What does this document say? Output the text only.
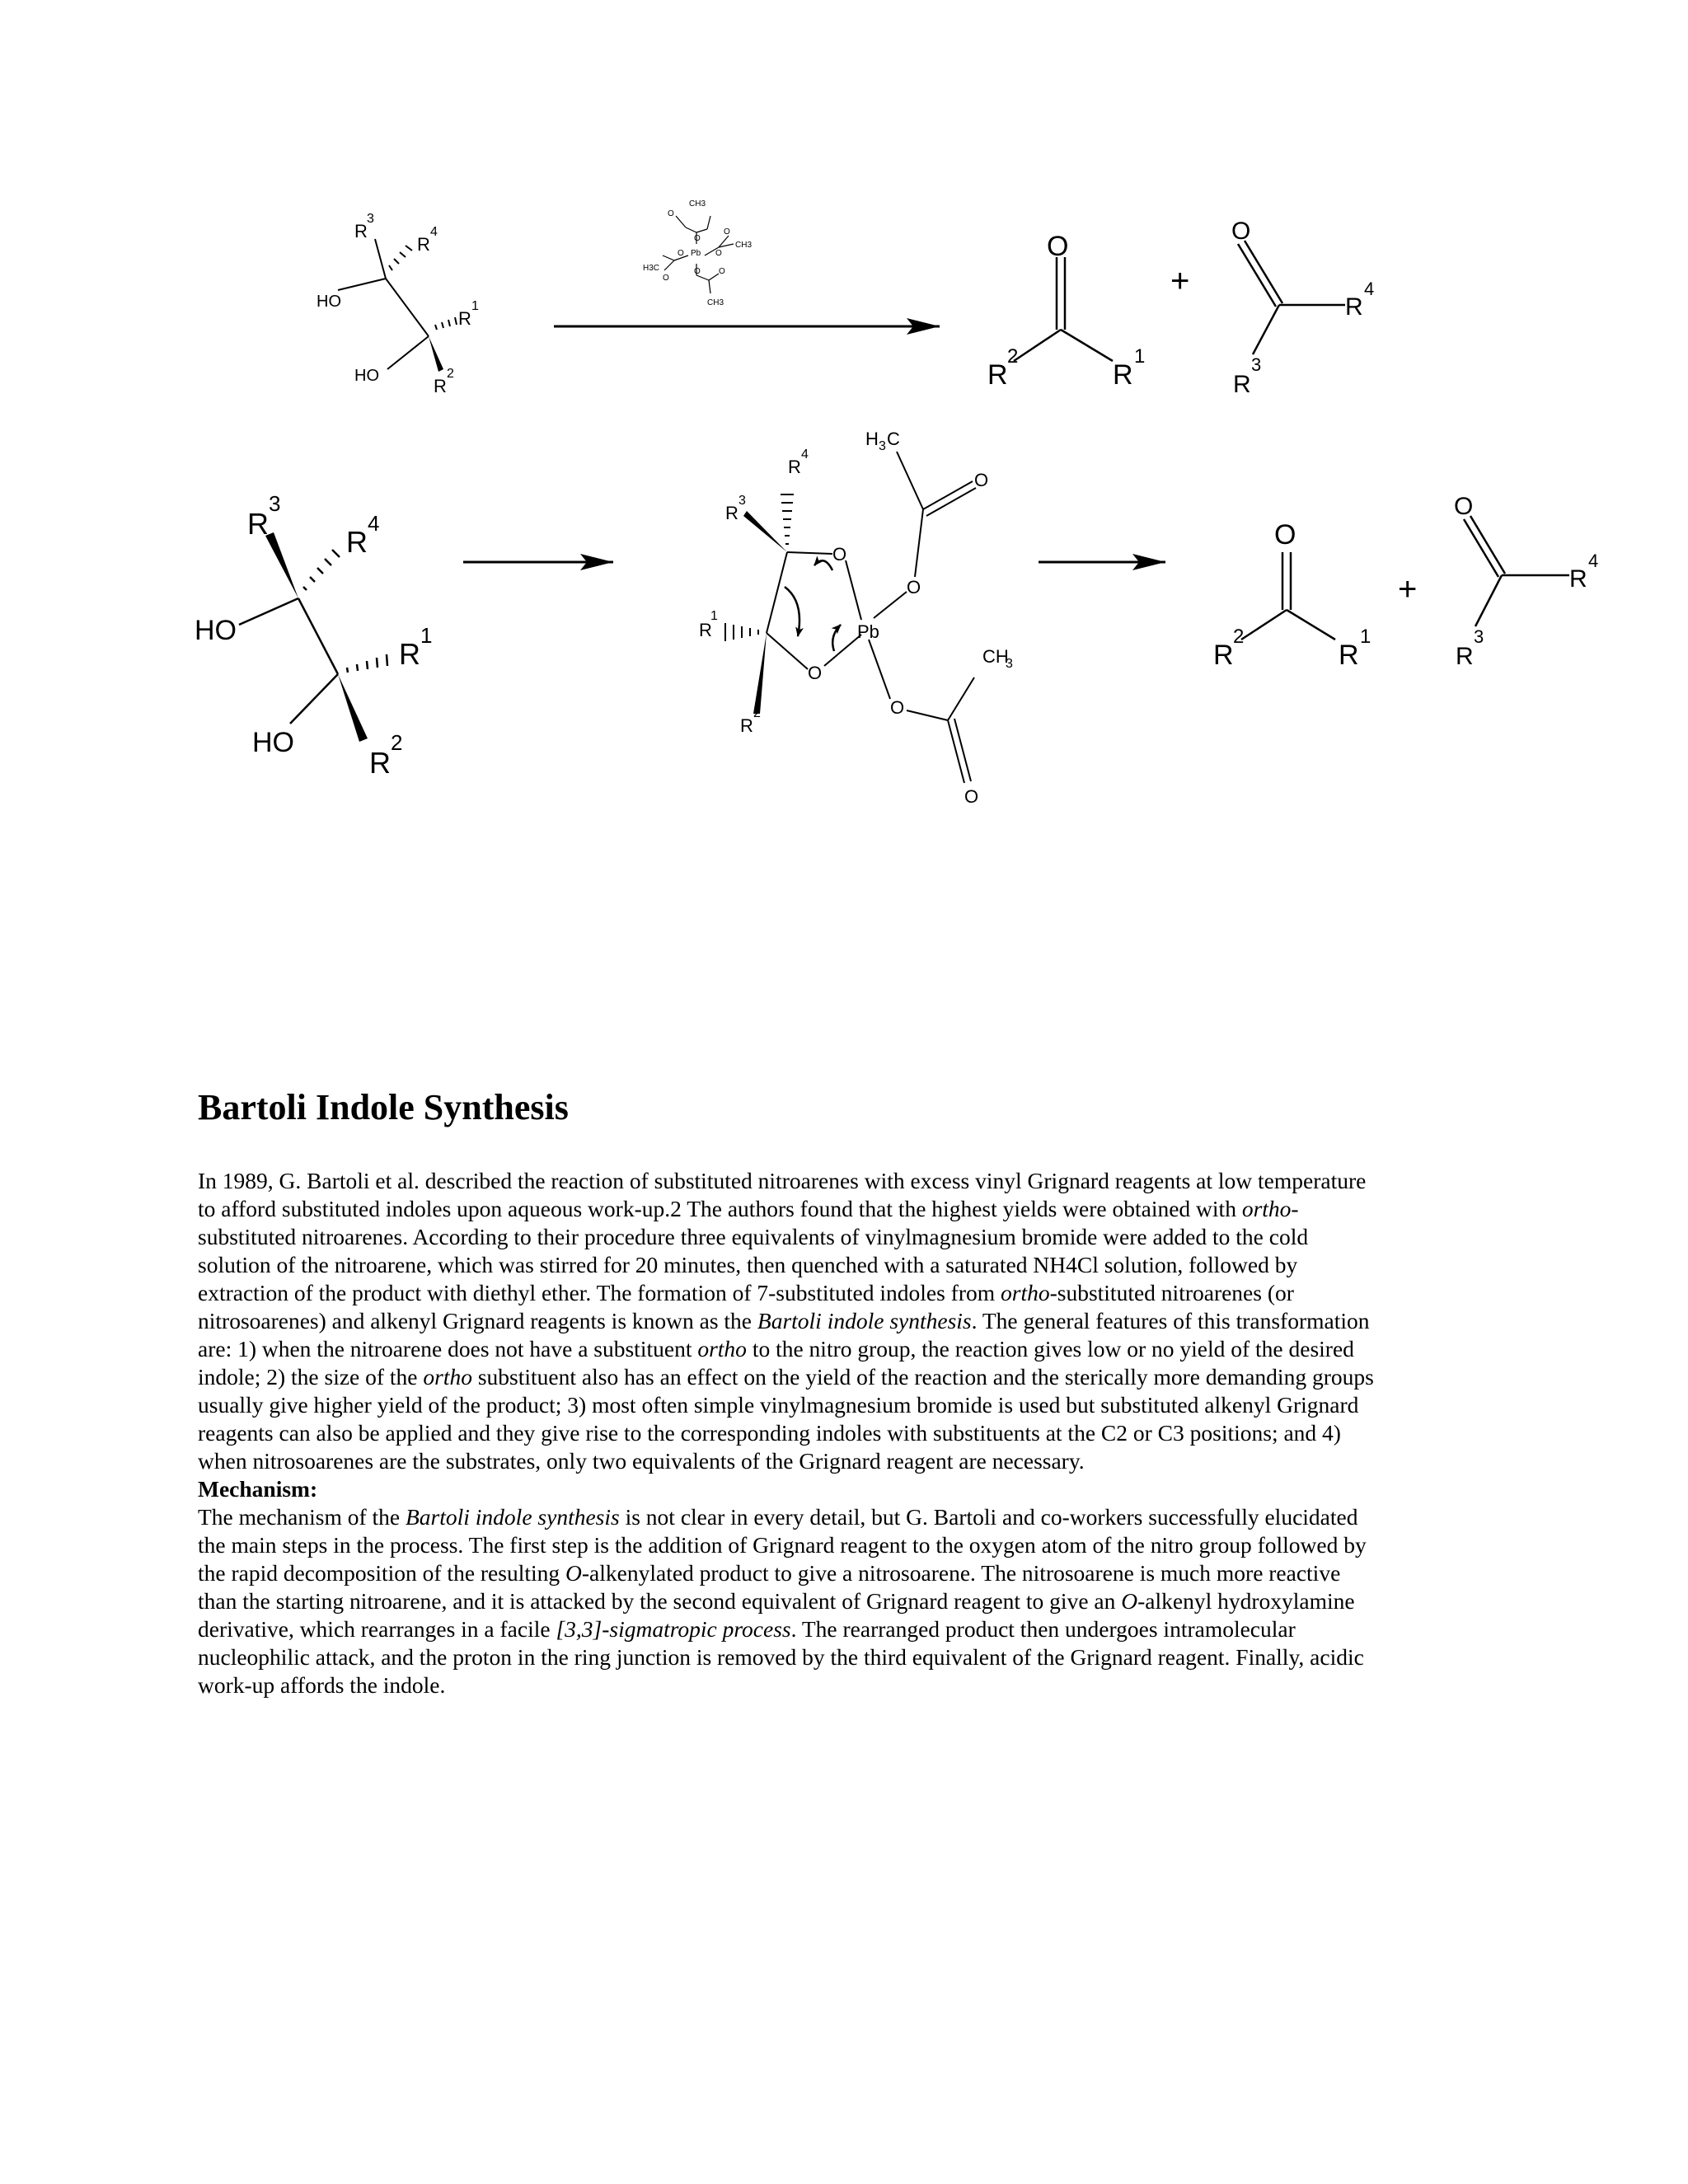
HO
HO
R
3
R
4
R
1
R
2
CH3
CH3
CH3
H3C
Pb
O
O
O
O
O
O
O O
O
R
2
R
1
+
O
R
4
R
3
HO
HO
R
3
R
4
R
1
R
2
H 3 C
O
O
O
Pb
O
CH
3
O
O
R
4
R
3
R
1
R
2
O
R
2
R
1
+
O
R
4
R
3
Bartoli Indole Synthesis

In 1989, G. Bartoli et al. described the reaction of substituted nitroarenes with excess vinyl Grignard reagents at low temperature to afford substituted indoles upon aqueous work-up.2 The authors found that the highest yields were obtained with ortho-substituted nitroarenes. According to their procedure three equivalents of vinylmagnesium bromide were added to the cold solution of the nitroarene, which was stirred for 20 minutes, then quenched with a saturated NH4Cl solution, followed by extraction of the product with diethyl ether. The formation of 7-substituted indoles from ortho-substituted nitroarenes (or nitrosoarenes) and alkenyl Grignard reagents is known as the Bartoli indole synthesis. The general features of this transformation are: 1) when the nitroarene does not have a substituent ortho to the nitro group, the reaction gives low or no yield of the desired indole; 2) the size of the ortho substituent also has an effect on the yield of the reaction and the sterically more demanding groups usually give higher yield of the product; 3) most often simple vinylmagnesium bromide is used but substituted alkenyl Grignard reagents can also be applied and they give rise to the corresponding indoles with substituents at the C2 or C3 positions; and 4) when nitrosoarenes are the substrates, only two equivalents of the Grignard reagent are necessary.

Mechanism:

The mechanism of the Bartoli indole synthesis is not clear in every detail, but G. Bartoli and co-workers successfully elucidated the main steps in the process. The first step is the addition of Grignard reagent to the oxygen atom of the nitro group followed by the rapid decomposition of the resulting O-alkenylated product to give a nitrosoarene. The nitrosoarene is much more reactive than the starting nitroarene, and it is attacked by the second equivalent of Grignard reagent to give an O-alkenyl hydroxylamine derivative, which rearranges in a facile [3,3]-sigmatropic process. The rearranged product then undergoes intramolecular nucleophilic attack, and the proton in the ring junction is removed by the third equivalent of the Grignard reagent. Finally, acidic work-up affords the indole.
